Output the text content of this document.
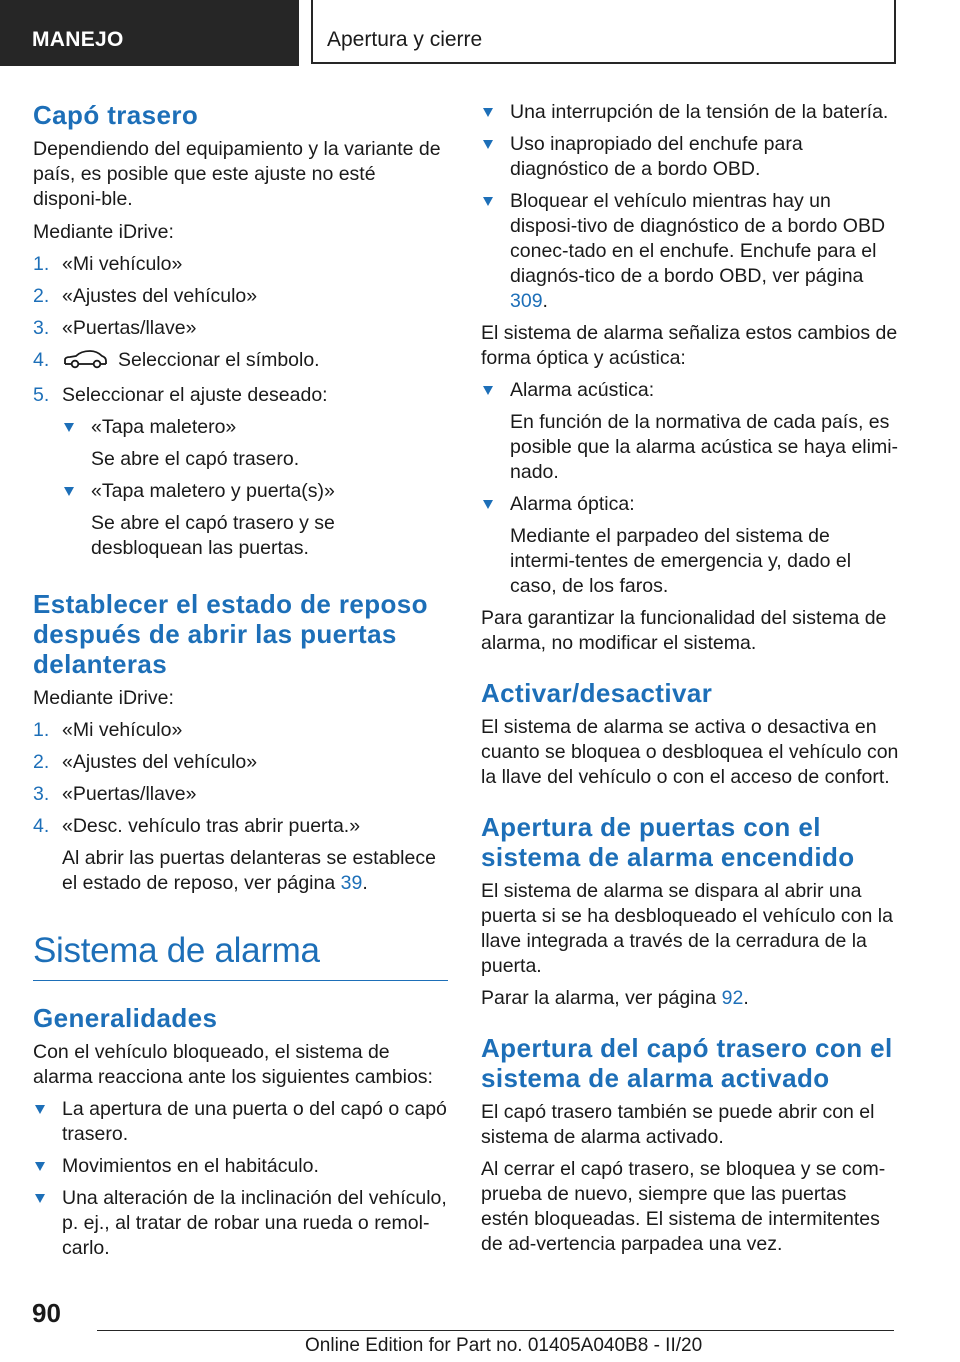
MANEJO	Apertura y cierre
Capó trasero

Dependiendo del equipamiento y la variante de país, es posible que este ajuste no esté disponi-ble.

Mediante iDrive:

1. «Mi vehículo»
2. «Ajustes del vehículo»
3. «Puertas/llave»
4.	Seleccionar el símbolo.
5. Seleccionar el ajuste deseado:
«Tapa maletero»
Se abre el capó trasero.
«Tapa maletero y puerta(s)»
Se abre el capó trasero y se desbloquean las puertas.
Establecer el estado de reposo después de abrir las puertas delanteras

Mediante iDrive:

1. «Mi vehículo»
2. «Ajustes del vehículo»
3. «Puertas/llave»
4. «Desc. vehículo tras abrir puerta.»
Al abrir las puertas delanteras se establece el estado de reposo, ver página 39.
Sistema de alarma
Generalidades

Con el vehículo bloqueado, el sistema de alarma reacciona ante los siguientes cambios:

La apertura de una puerta o del capó o capó trasero.
Movimientos en el habitáculo.
Una alteración de la inclinación del vehículo, p. ej., al tratar de robar una rueda o remol-carlo.
Una interrupción de la tensión de la batería.
Uso inapropiado del enchufe para diagnóstico de a bordo OBD.
Bloquear el vehículo mientras hay un disposi-tivo de diagnóstico de a bordo OBD conec-tado en el enchufe. Enchufe para el diagnós-tico de a bordo OBD, ver página 309.

El sistema de alarma señaliza estos cambios de forma óptica y acústica:

Alarma acústica:
En función de la normativa de cada país, es posible que la alarma acústica se haya elimi-nado.
Alarma óptica:
Mediante el parpadeo del sistema de intermi-tentes de emergencia y, dado el caso, de los faros.

Para garantizar la funcionalidad del sistema de alarma, no modificar el sistema.

Activar/desactivar

El sistema de alarma se activa o desactiva en cuanto se bloquea o desbloquea el vehículo con la llave del vehículo o con el acceso de confort.

Apertura de puertas con el sistema de alarma encendido

El sistema de alarma se dispara al abrir una puerta si se ha desbloqueado el vehículo con la llave integrada a través de la cerradura de la puerta.

Parar la alarma, ver página 92.

Apertura del capó trasero con el sistema de alarma activado

El capó trasero también se puede abrir con el sistema de alarma activado.

Al cerrar el capó trasero, se bloquea y se com-prueba de nuevo, siempre que las puertas estén bloqueadas. El sistema de intermitentes de ad-vertencia parpadea una vez.

90
Online Edition for Part no. 01405A040B8 - II/20
